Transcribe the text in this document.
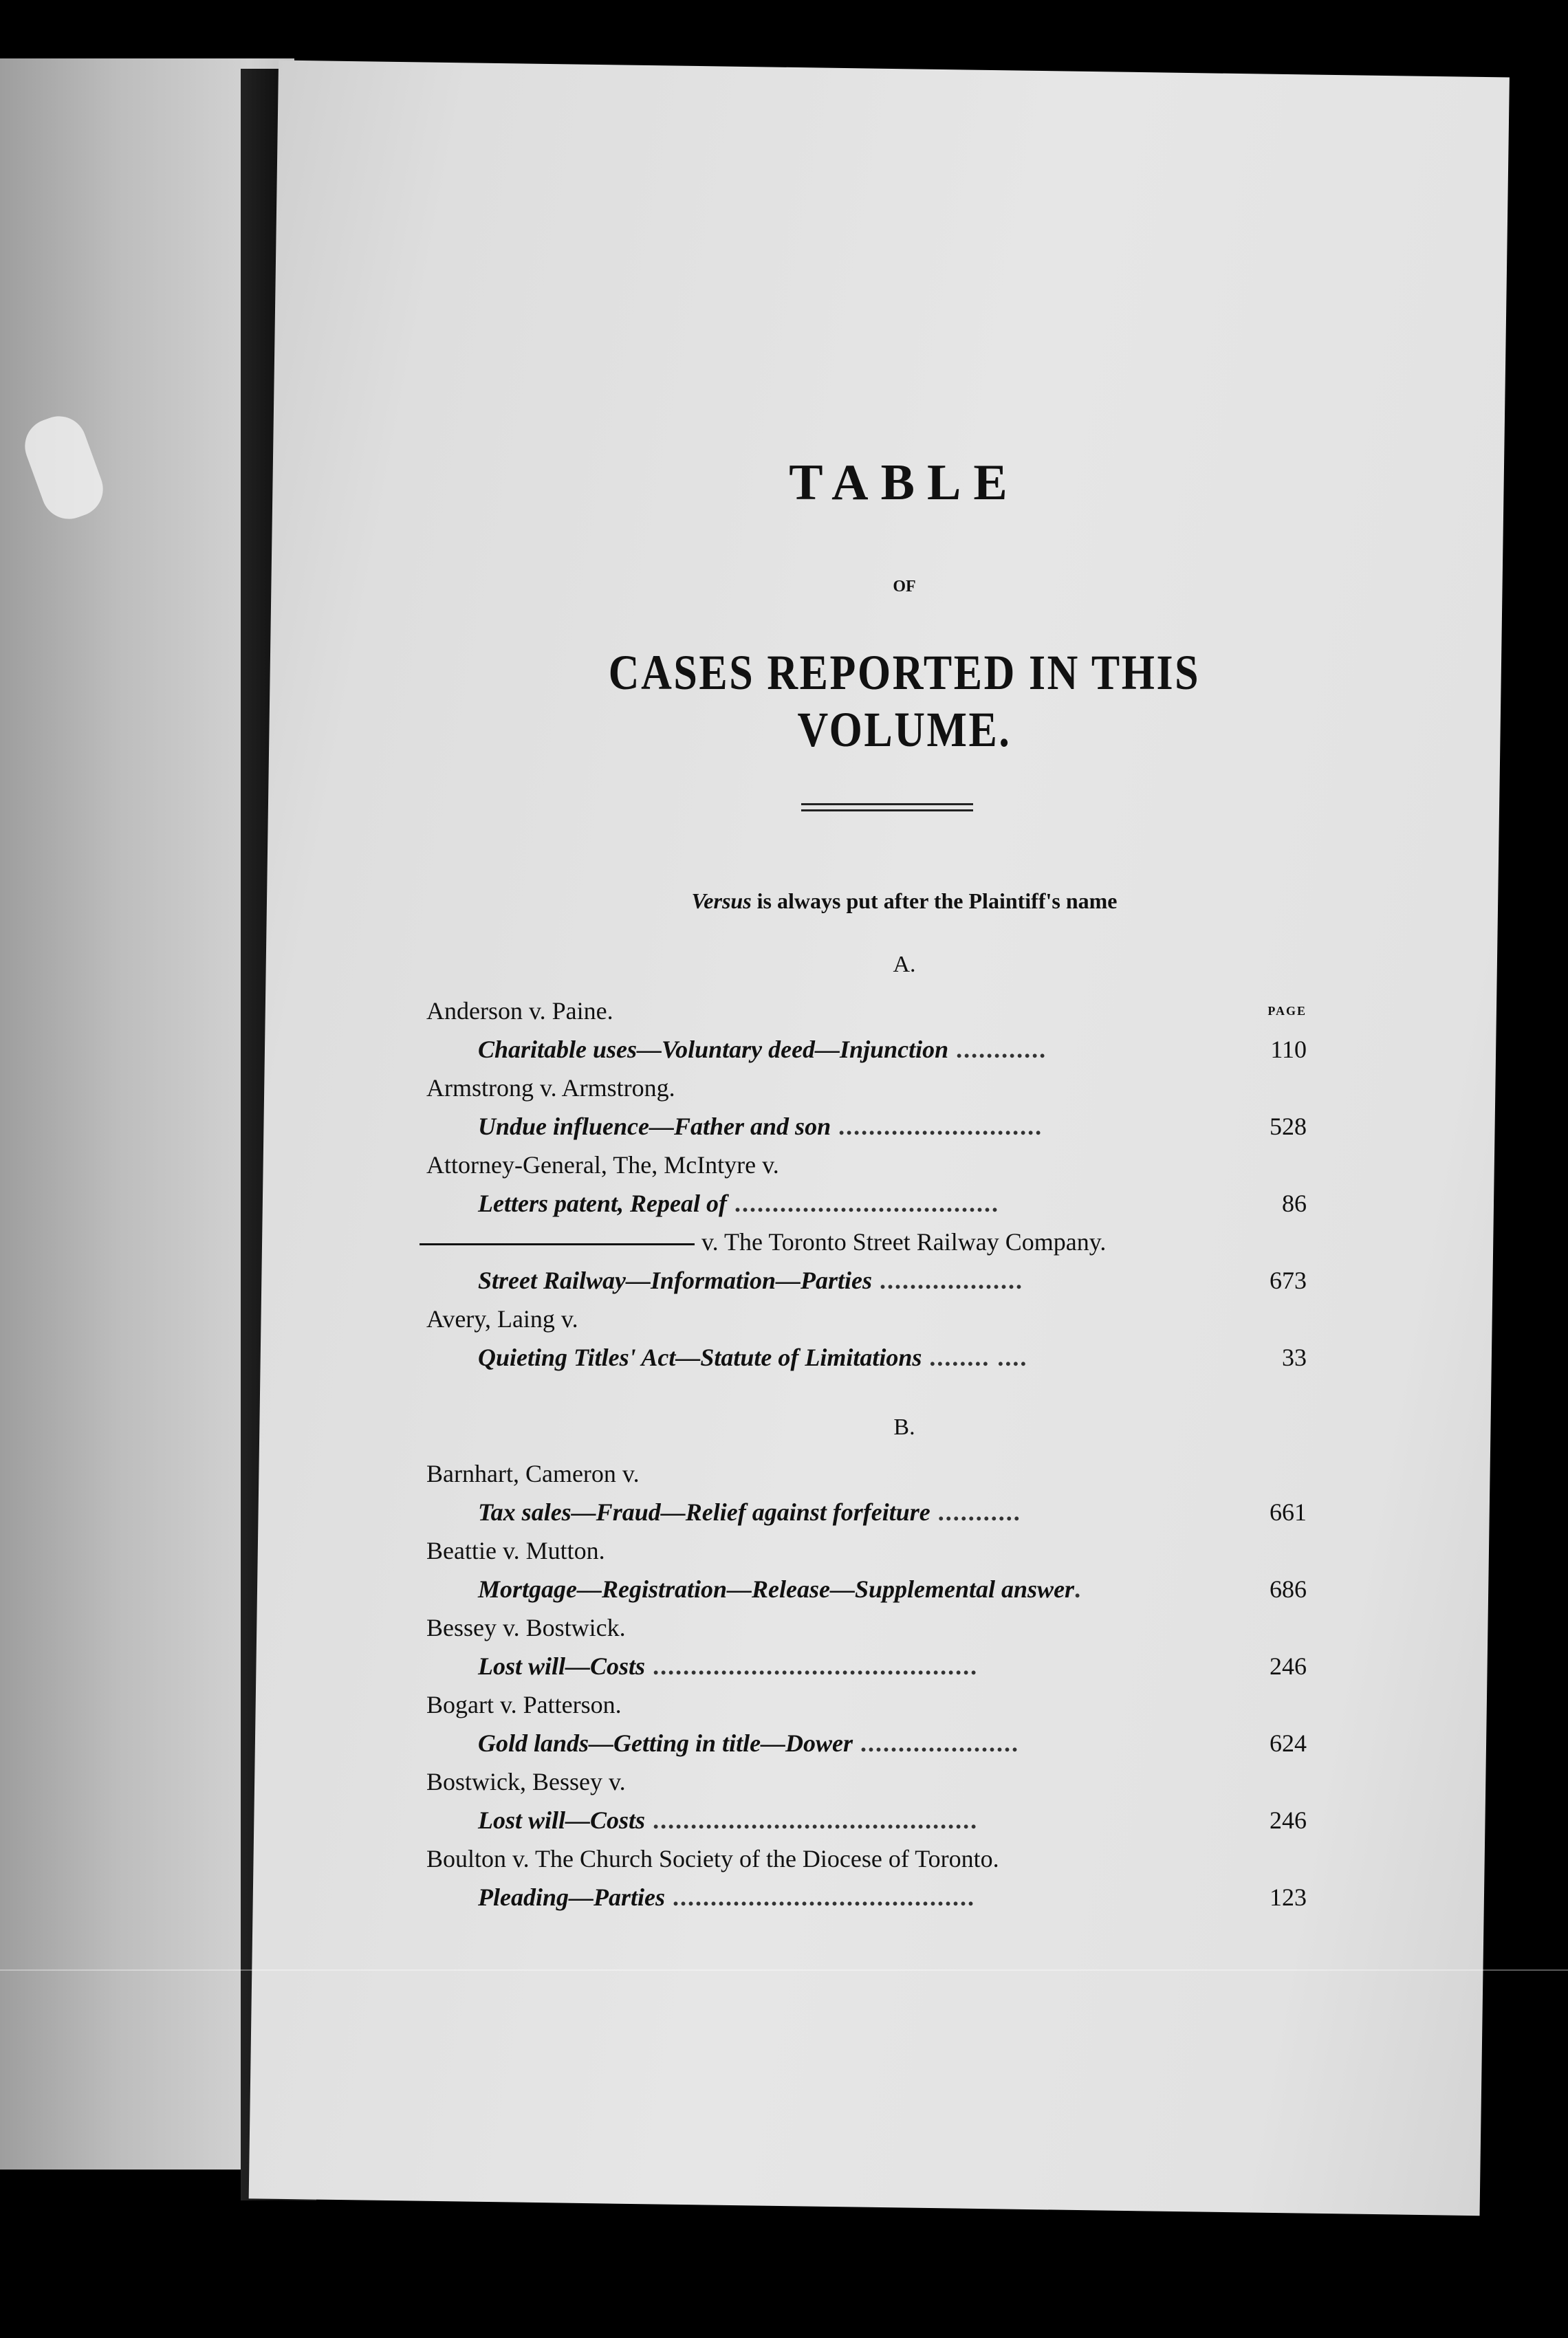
TABLE
OF
CASES REPORTED IN THIS VOLUME.
Versus is always put after the Plaintiff's name
A.
Anderson v. Paine.	PAGE
Charitable uses—Voluntary deed—Injunction ............	110
Armstrong v. Armstrong.
Undue influence—Father and son ...........................	528
Attorney-General, The, McIntyre v.
Letters patent, Repeal of ...................................	86
v. The Toronto Street Railway Company.
Street Railway—Information—Parties ...................	673
Avery, Laing v.
Quieting Titles' Act—Statute of Limitations ........ ....	33
B.
Barnhart, Cameron v.
Tax sales—Fraud—Relief against forfeiture ...........	661
Beattie v. Mutton.
Mortgage—Registration—Release—Supplemental answer.	686
Bessey v. Bostwick.
Lost will—Costs ...........................................	246
Bogart v. Patterson.
Gold lands—Getting in title—Dower .....................	624
Bostwick, Bessey v.
Lost will—Costs ...........................................	246
Boulton v. The Church Society of the Diocese of Toronto.
Pleading—Parties ........................................	123
